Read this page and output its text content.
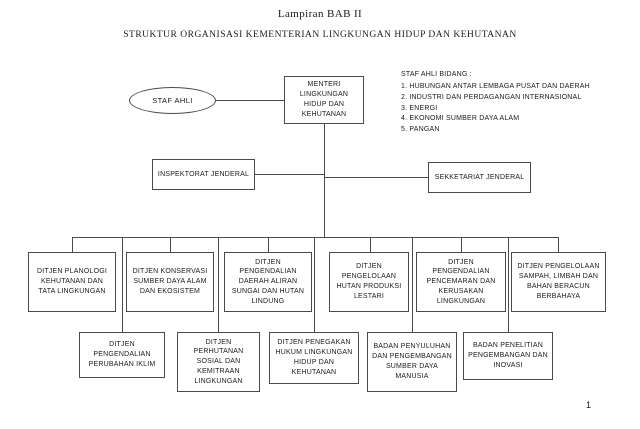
Lampiran BAB II
STRUKTUR ORGANISASI KEMENTERIAN LINGKUNGAN HIDUP DAN KEHUTANAN
STAF AHLI
MENTERI LINGKUNGAN HIDUP DAN KEHUTANAN
STAF AHLI BIDANG :
1. HUBUNGAN ANTAR LEMBAGA PUSAT DAN DAERAH
2. INDUSTRI DAN PERDAGANGAN INTERNASIONAL
3. ENERGI
4. EKONOMI SUMBER DAYA ALAM
5. PANGAN
INSPEKTORAT JENDERAL	SEKKETARIAT JENDERAL
DITJEN PLANOLOGI KEHUTANAN DAN TATA LINGKUNGAN
DITJEN KONSERVASI SUMBER DAYA ALAM DAN EKOSISTEM
DITJEN PENGENDALIAN DAERAH ALIRAN SUNGAI DAN HUTAN LINDUNG
DITJEN PENGELOLAAN HUTAN PRODUKSI LESTARI
DITJEN PENGENDALIAN PENCEMARAN DAN KERUSAKAN LINGKUNGAN
DITJEN PENGELOLAAN SAMPAH, LIMBAH DAN BAHAN BERACUN BERBAHAYA
DITJEN PENGENDALIAN PERUBAHAN IKLIM
DITJEN PERHUTANAN SOSIAL DAN KEMITRAAN LINGKUNGAN
DITJEN PENEGAKAN HUKUM LINGKUNGAN HIDUP DAN KEHUTANAN
BADAN PENYULUHAN DAN PENGEMBANGAN SUMBER DAYA MANUSIA
BADAN PENELITIAN PENGEMBANGAN DAN INOVASI
1
